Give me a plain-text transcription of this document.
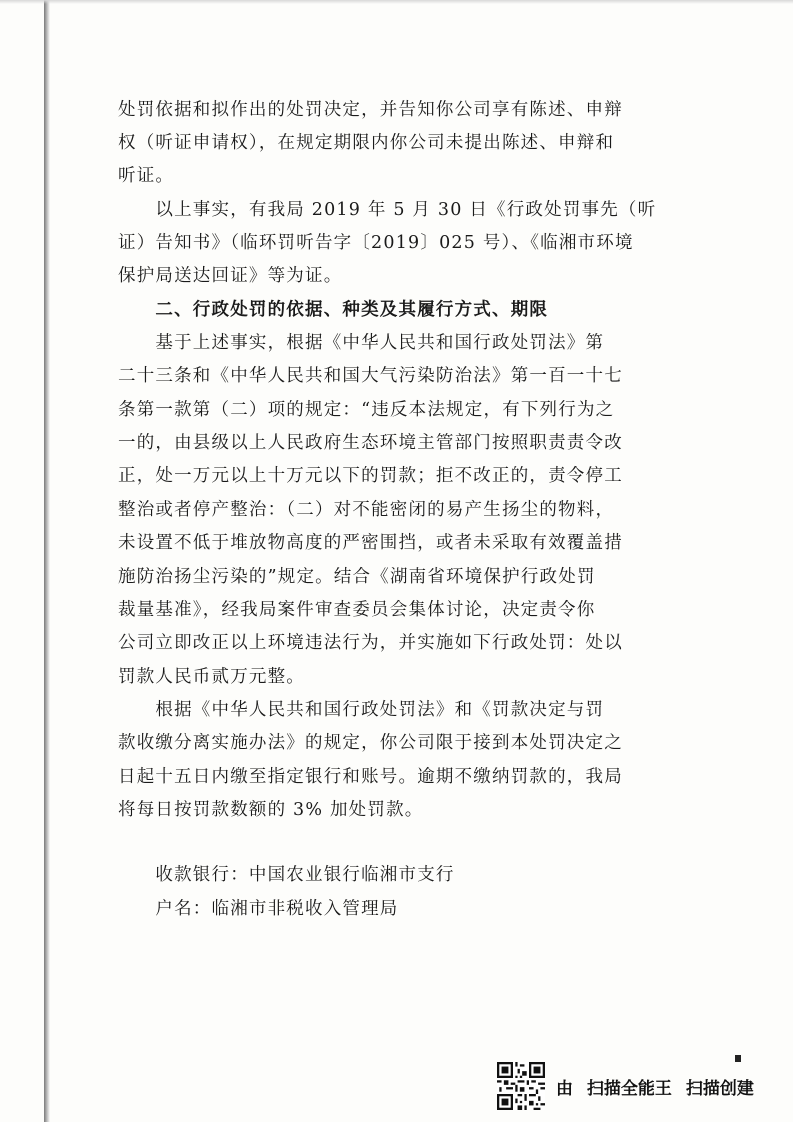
处罚依据和拟作出的处罚决定，并告知你公司享有陈述、申辩
权（听证申请权），在规定期限内你公司未提出陈述、申辩和
听证。
　　以上事实，有我局 2019 年 5 月 30 日《行政处罚事先（听
证）告知书》（临环罚听告字〔2019〕025 号）、《临湘市环境
保护局送达回证》等为证。
　　二、行政处罚的依据、种类及其履行方式、期限
　　基于上述事实，根据《中华人民共和国行政处罚法》第
二十三条和《中华人民共和国大气污染防治法》第一百一十七
条第一款第（二）项的规定：“违反本法规定，有下列行为之
一的，由县级以上人民政府生态环境主管部门按照职责责令改
正，处一万元以上十万元以下的罚款；拒不改正的，责令停工
整治或者停产整治：（二）对不能密闭的易产生扬尘的物料，
未设置不低于堆放物高度的严密围挡，或者未采取有效覆盖措
施防治扬尘污染的”规定。结合《湖南省环境保护行政处罚
裁量基准》，经我局案件审查委员会集体讨论，决定责令你
公司立即改正以上环境违法行为，并实施如下行政处罚：处以
罚款人民币贰万元整。
　　根据《中华人民共和国行政处罚法》和《罚款决定与罚
款收缴分离实施办法》的规定，你公司限于接到本处罚决定之
日起十五日内缴至指定银行和账号。逾期不缴纳罚款的，我局
将每日按罚款数额的 3% 加处罚款。
　　收款银行：中国农业银行临湘市支行
　　户名：临湘市非税收入管理局
由 扫描全能王 扫描创建
